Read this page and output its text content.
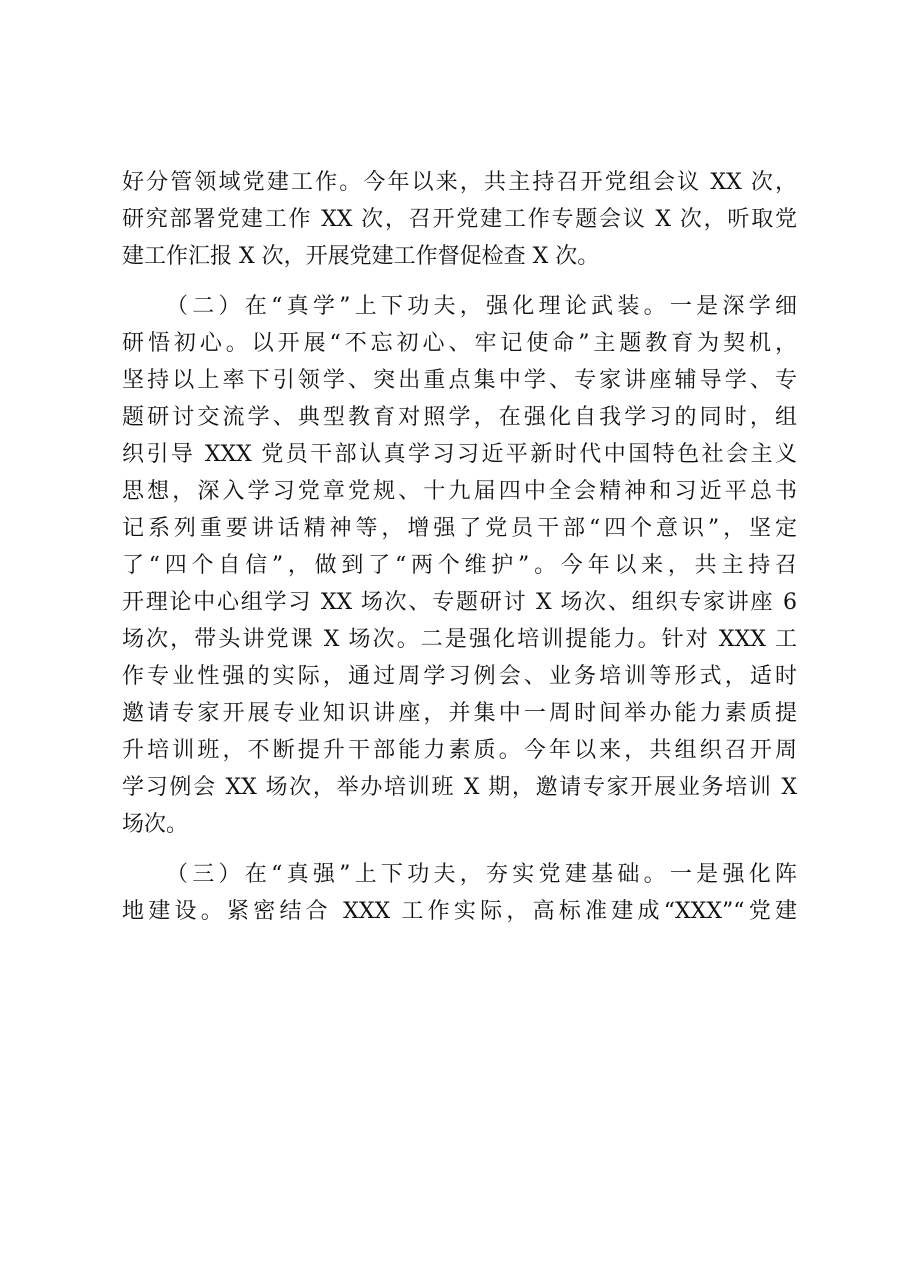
好分管领域党建工作。今年以来，共主持召开党组会议 XX 次，
研究部署党建工作 XX 次，召开党建工作专题会议 X 次，听取党
建工作汇报 X 次，开展党建工作督促检查 X 次。
（二）在“真学”上下功夫，强化理论武装。一是深学细
研悟初心。以开展“不忘初心、牢记使命”主题教育为契机，
坚持以上率下引领学、突出重点集中学、专家讲座辅导学、专
题研讨交流学、典型教育对照学，在强化自我学习的同时，组
织引导 XXX 党员干部认真学习习近平新时代中国特色社会主义
思想，深入学习党章党规、十九届四中全会精神和习近平总书
记系列重要讲话精神等，增强了党员干部“四个意识”，坚定
了“四个自信”，做到了“两个维护”。今年以来，共主持召
开理论中心组学习 XX 场次、专题研讨 X 场次、组织专家讲座 6
场次，带头讲党课 X 场次。二是强化培训提能力。针对 XXX 工
作专业性强的实际，通过周学习例会、业务培训等形式，适时
邀请专家开展专业知识讲座，并集中一周时间举办能力素质提
升培训班，不断提升干部能力素质。今年以来，共组织召开周
学习例会 XX 场次，举办培训班 X 期，邀请专家开展业务培训 X
场次。
（三）在“真强”上下功夫，夯实党建基础。一是强化阵
地建设。紧密结合 XXX 工作实际，高标准建成“XXX”“党建
